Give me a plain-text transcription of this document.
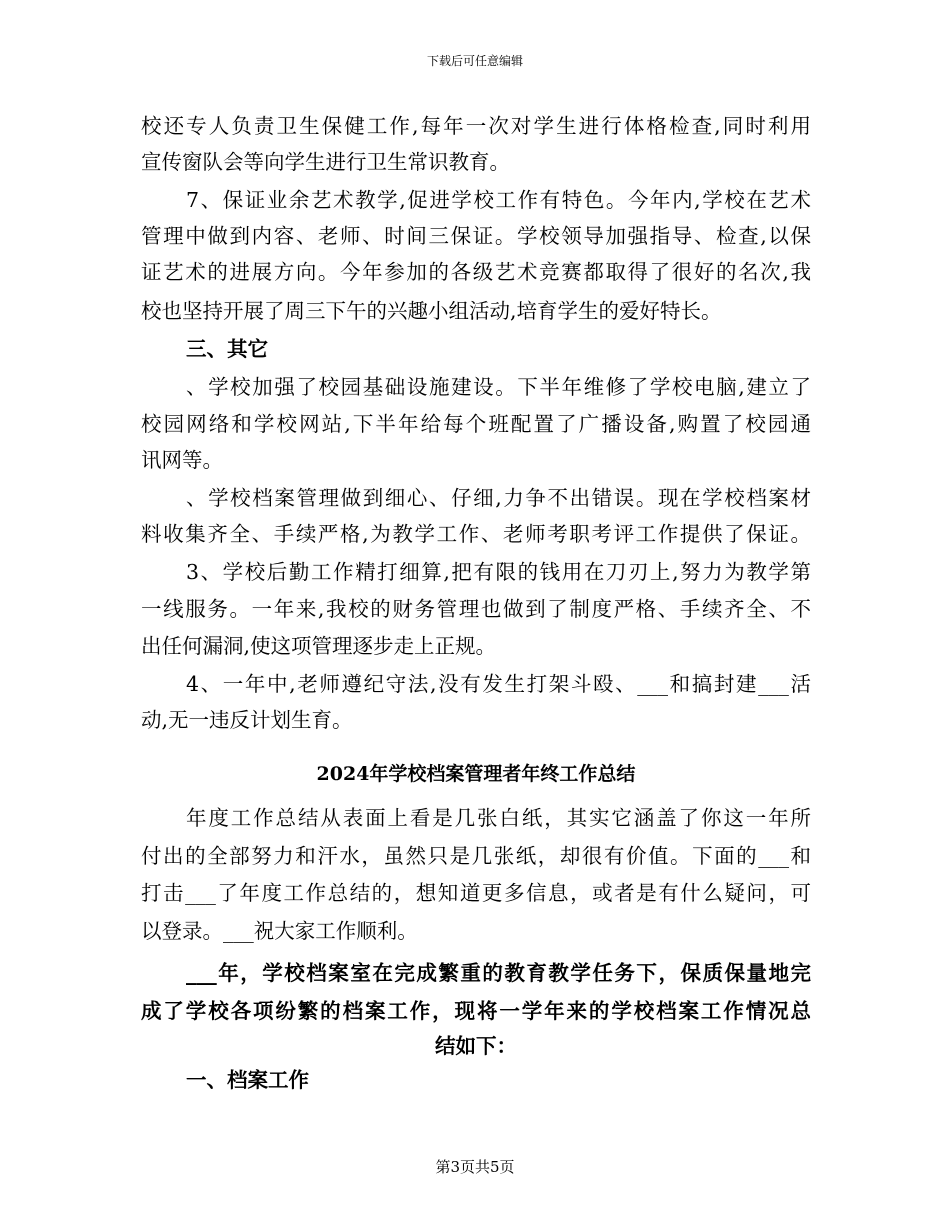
下载后可任意编辑
校还专人负责卫生保健工作,每年一次对学生进行体格检查,同时利用
宣传窗队会等向学生进行卫生常识教育。
7、保证业余艺术教学,促进学校工作有特色。今年内,学校在艺术
管理中做到内容、老师、时间三保证。学校领导加强指导、检查,以保
证艺术的进展方向。今年参加的各级艺术竞赛都取得了很好的名次,我
校也坚持开展了周三下午的兴趣小组活动,培育学生的爱好特长。
三、其它
、学校加强了校园基础设施建设。下半年维修了学校电脑,建立了
校园网络和学校网站,下半年给每个班配置了广播设备,购置了校园通
讯网等。
、学校档案管理做到细心、仔细,力争不出错误。现在学校档案材
料收集齐全、手续严格,为教学工作、老师考职考评工作提供了保证。
3、学校后勤工作精打细算,把有限的钱用在刀刃上,努力为教学第
一线服务。一年来,我校的财务管理也做到了制度严格、手续齐全、不
出任何漏洞,使这项管理逐步走上正规。
4、一年中,老师遵纪守法,没有发生打架斗殴、___和搞封建___活
动,无一违反计划生育。
2024年学校档案管理者年终工作总结
年度工作总结从表面上看是几张白纸，其实它涵盖了你这一年所
付出的全部努力和汗水，虽然只是几张纸，却很有价值。下面的___和
打击___了年度工作总结的，想知道更多信息，或者是有什么疑问，可
以登录。___祝大家工作顺利。
___年，学校档案室在完成繁重的教育教学任务下，保质保量地完
成了学校各项纷繁的档案工作，现将一学年来的学校档案工作情况总
结如下：
一、档案工作
第3页共5页
